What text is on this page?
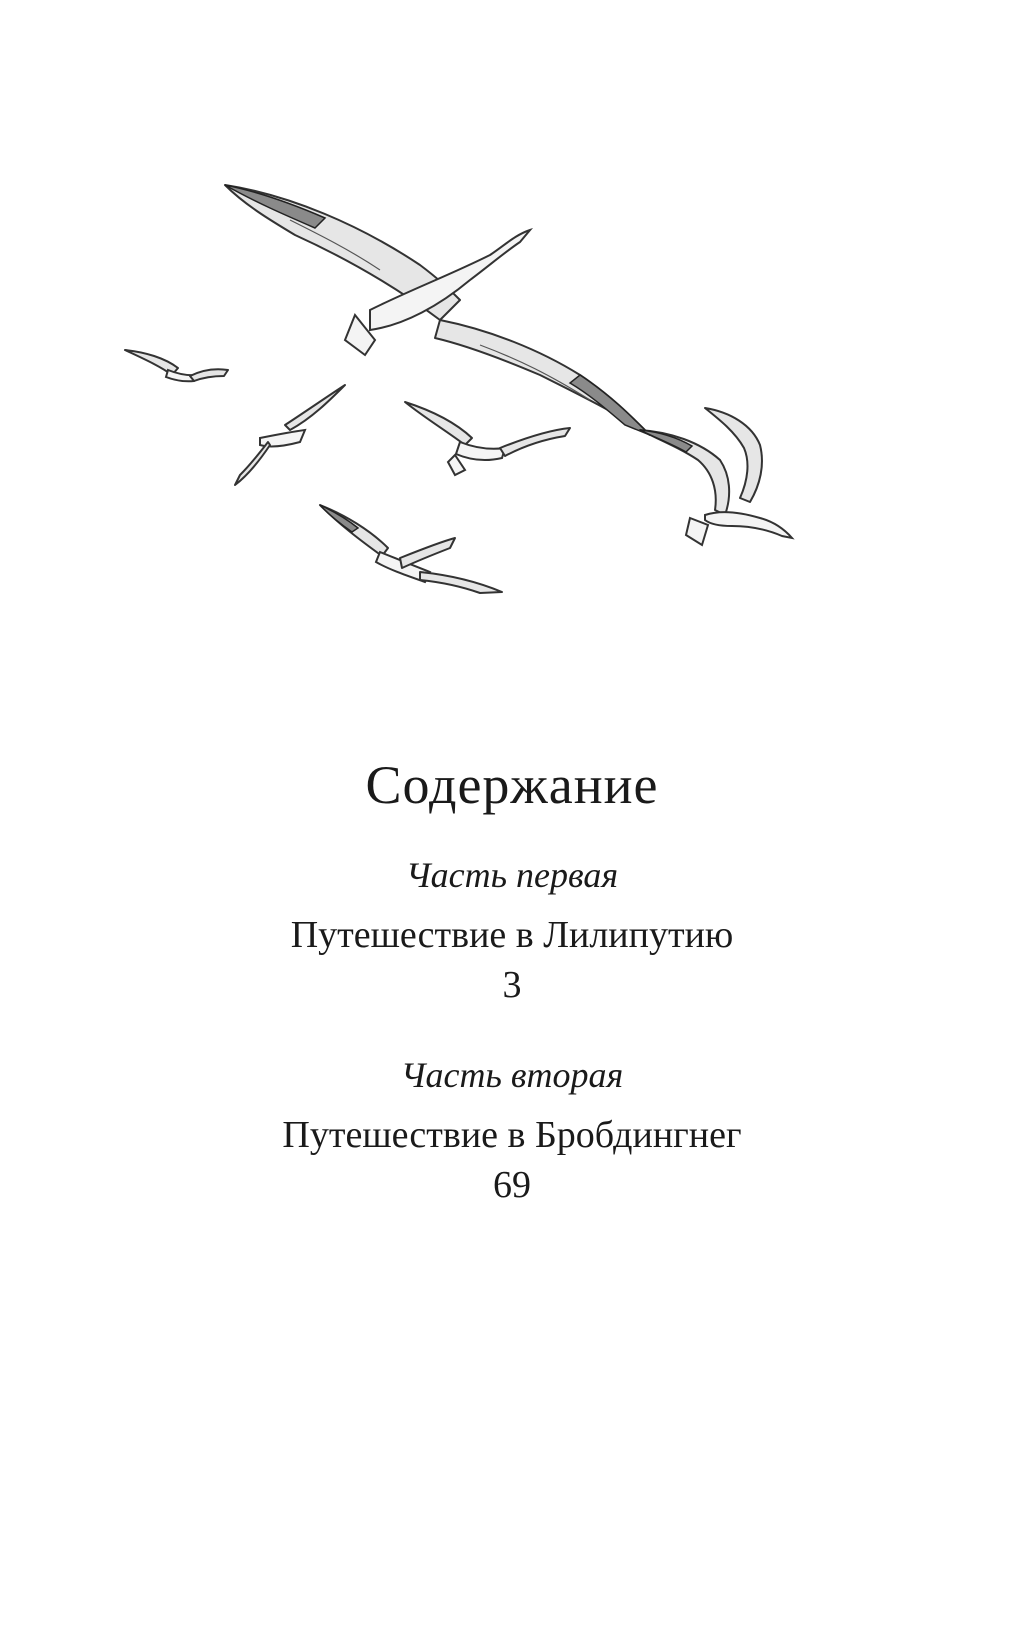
Содержание
Часть первая
Путешествие в Лилипутию
3
Часть вторая
Путешествие в Бробдингнег
69
